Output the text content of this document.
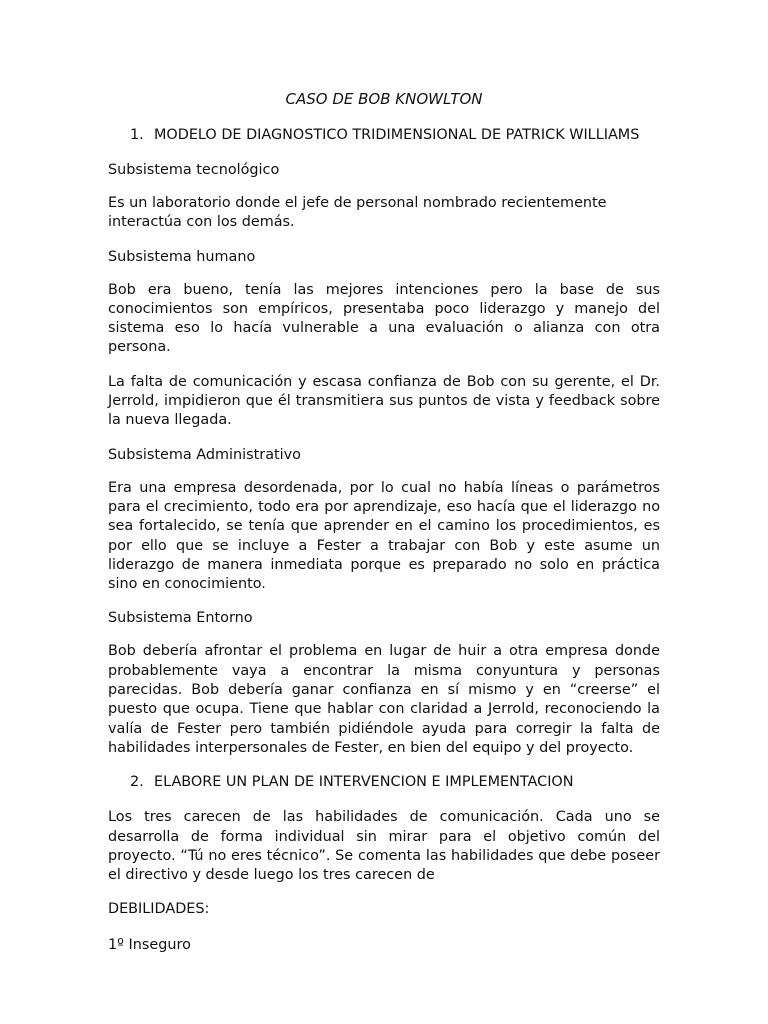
CASO DE BOB KNOWLTON
1. MODELO DE DIAGNOSTICO TRIDIMENSIONAL DE PATRICK WILLIAMS
Subsistema tecnológico

Es un laboratorio donde el jefe de personal nombrado recientemente interactúa con los demás.

Subsistema humano

Bob era bueno, tenía las mejores intenciones pero la base de sus conocimientos son empíricos, presentaba poco liderazgo y manejo del sistema eso lo hacía vulnerable a una evaluación o alianza con otra persona.

La falta de comunicación y escasa confianza de Bob con su gerente, el Dr. Jerrold, impidieron que él transmitiera sus puntos de vista y feedback sobre la nueva llegada.

Subsistema Administrativo

Era una empresa desordenada, por lo cual no había líneas o parámetros para el crecimiento, todo era por aprendizaje, eso hacía que el liderazgo no sea fortalecido, se tenía que aprender en el camino los procedimientos, es por ello que se incluye a Fester a trabajar con Bob y este asume un liderazgo de manera inmediata porque es preparado no solo en práctica sino en conocimiento.

Subsistema Entorno

Bob debería afrontar el problema en lugar de huir a otra empresa donde probablemente vaya a encontrar la misma conyuntura y personas parecidas. Bob debería ganar confianza en sí mismo y en “creerse” el puesto que ocupa. Tiene que hablar con claridad a Jerrold, reconociendo la valía de Fester pero también pidiéndole ayuda para corregir la falta de habilidades interpersonales de Fester, en bien del equipo y del proyecto.

2. ELABORE UN PLAN DE INTERVENCION E IMPLEMENTACION

Los tres carecen de las habilidades de comunicación. Cada uno se desarrolla de forma individual sin mirar para el objetivo común del proyecto. “Tú no eres técnico”. Se comenta las habilidades que debe poseer el directivo y desde luego los tres carecen de

DEBILIDADES:

1º Inseguro
